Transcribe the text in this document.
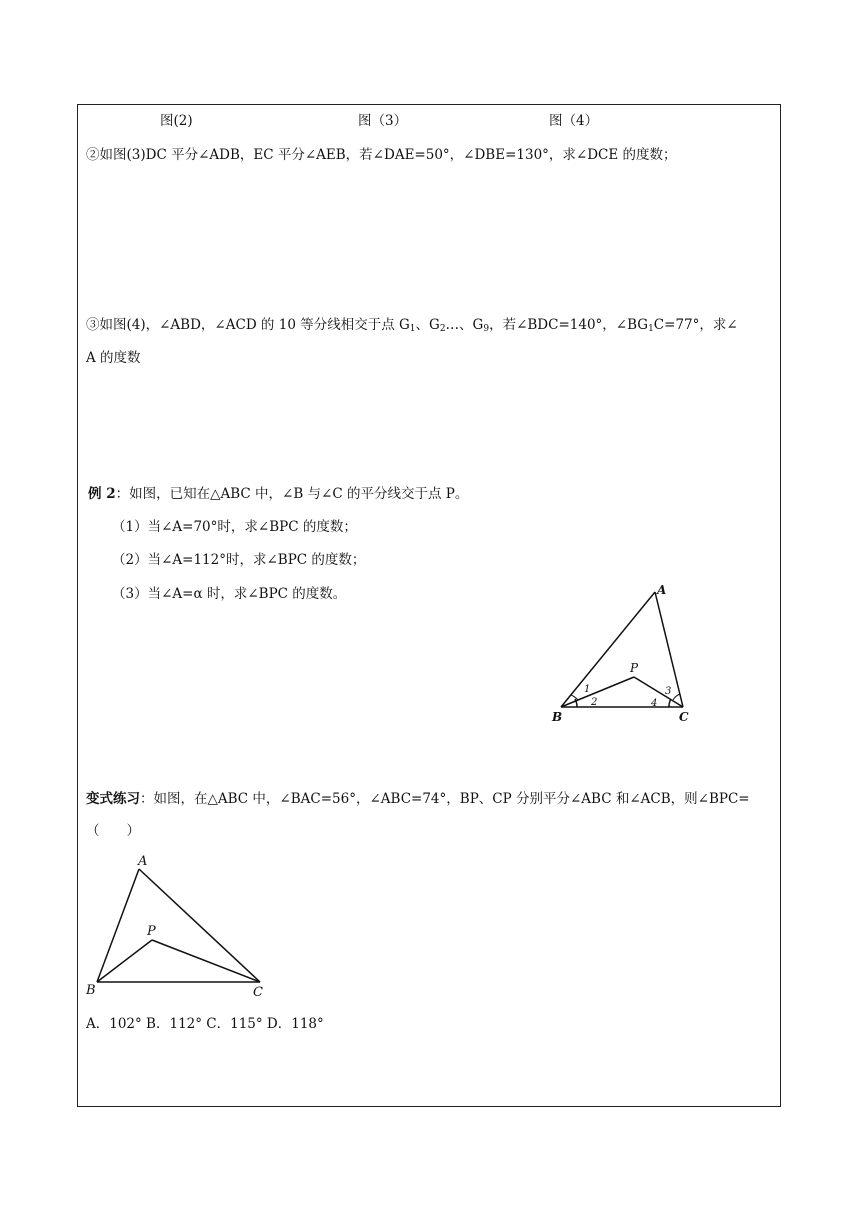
图(2)	图（3）	图（4）
②如图(3)DC 平分∠ADB，EC 平分∠AEB，若∠DAE=50°，∠DBE=130°，求∠DCE 的度数；
③如图(4)，∠ABD，∠ACD 的 10 等分线相交于点 $G_1$、$G_2\dots$、$G_9$，若∠BDC=140°，$\angle BG_1C=77^\circ$，求∠
A 的度数
例 2：如图，已知在△ABC 中，∠B 与∠C 的平分线交于点 P。
（1）当∠A=70°时，求∠BPC 的度数；
（2）当∠A=112°时，求∠BPC 的度数；
（3）当∠A=α 时，求∠BPC 的度数。	A
B	C
P
1
2
3
4
变式练习：如图，在△ABC 中，∠BAC=56°，∠ABC=74°，BP、CP 分别平分∠ABC 和∠ACB，则∠BPC=
（　　）
A
B	C
P
A．102° B．112° C．115° D．118°
